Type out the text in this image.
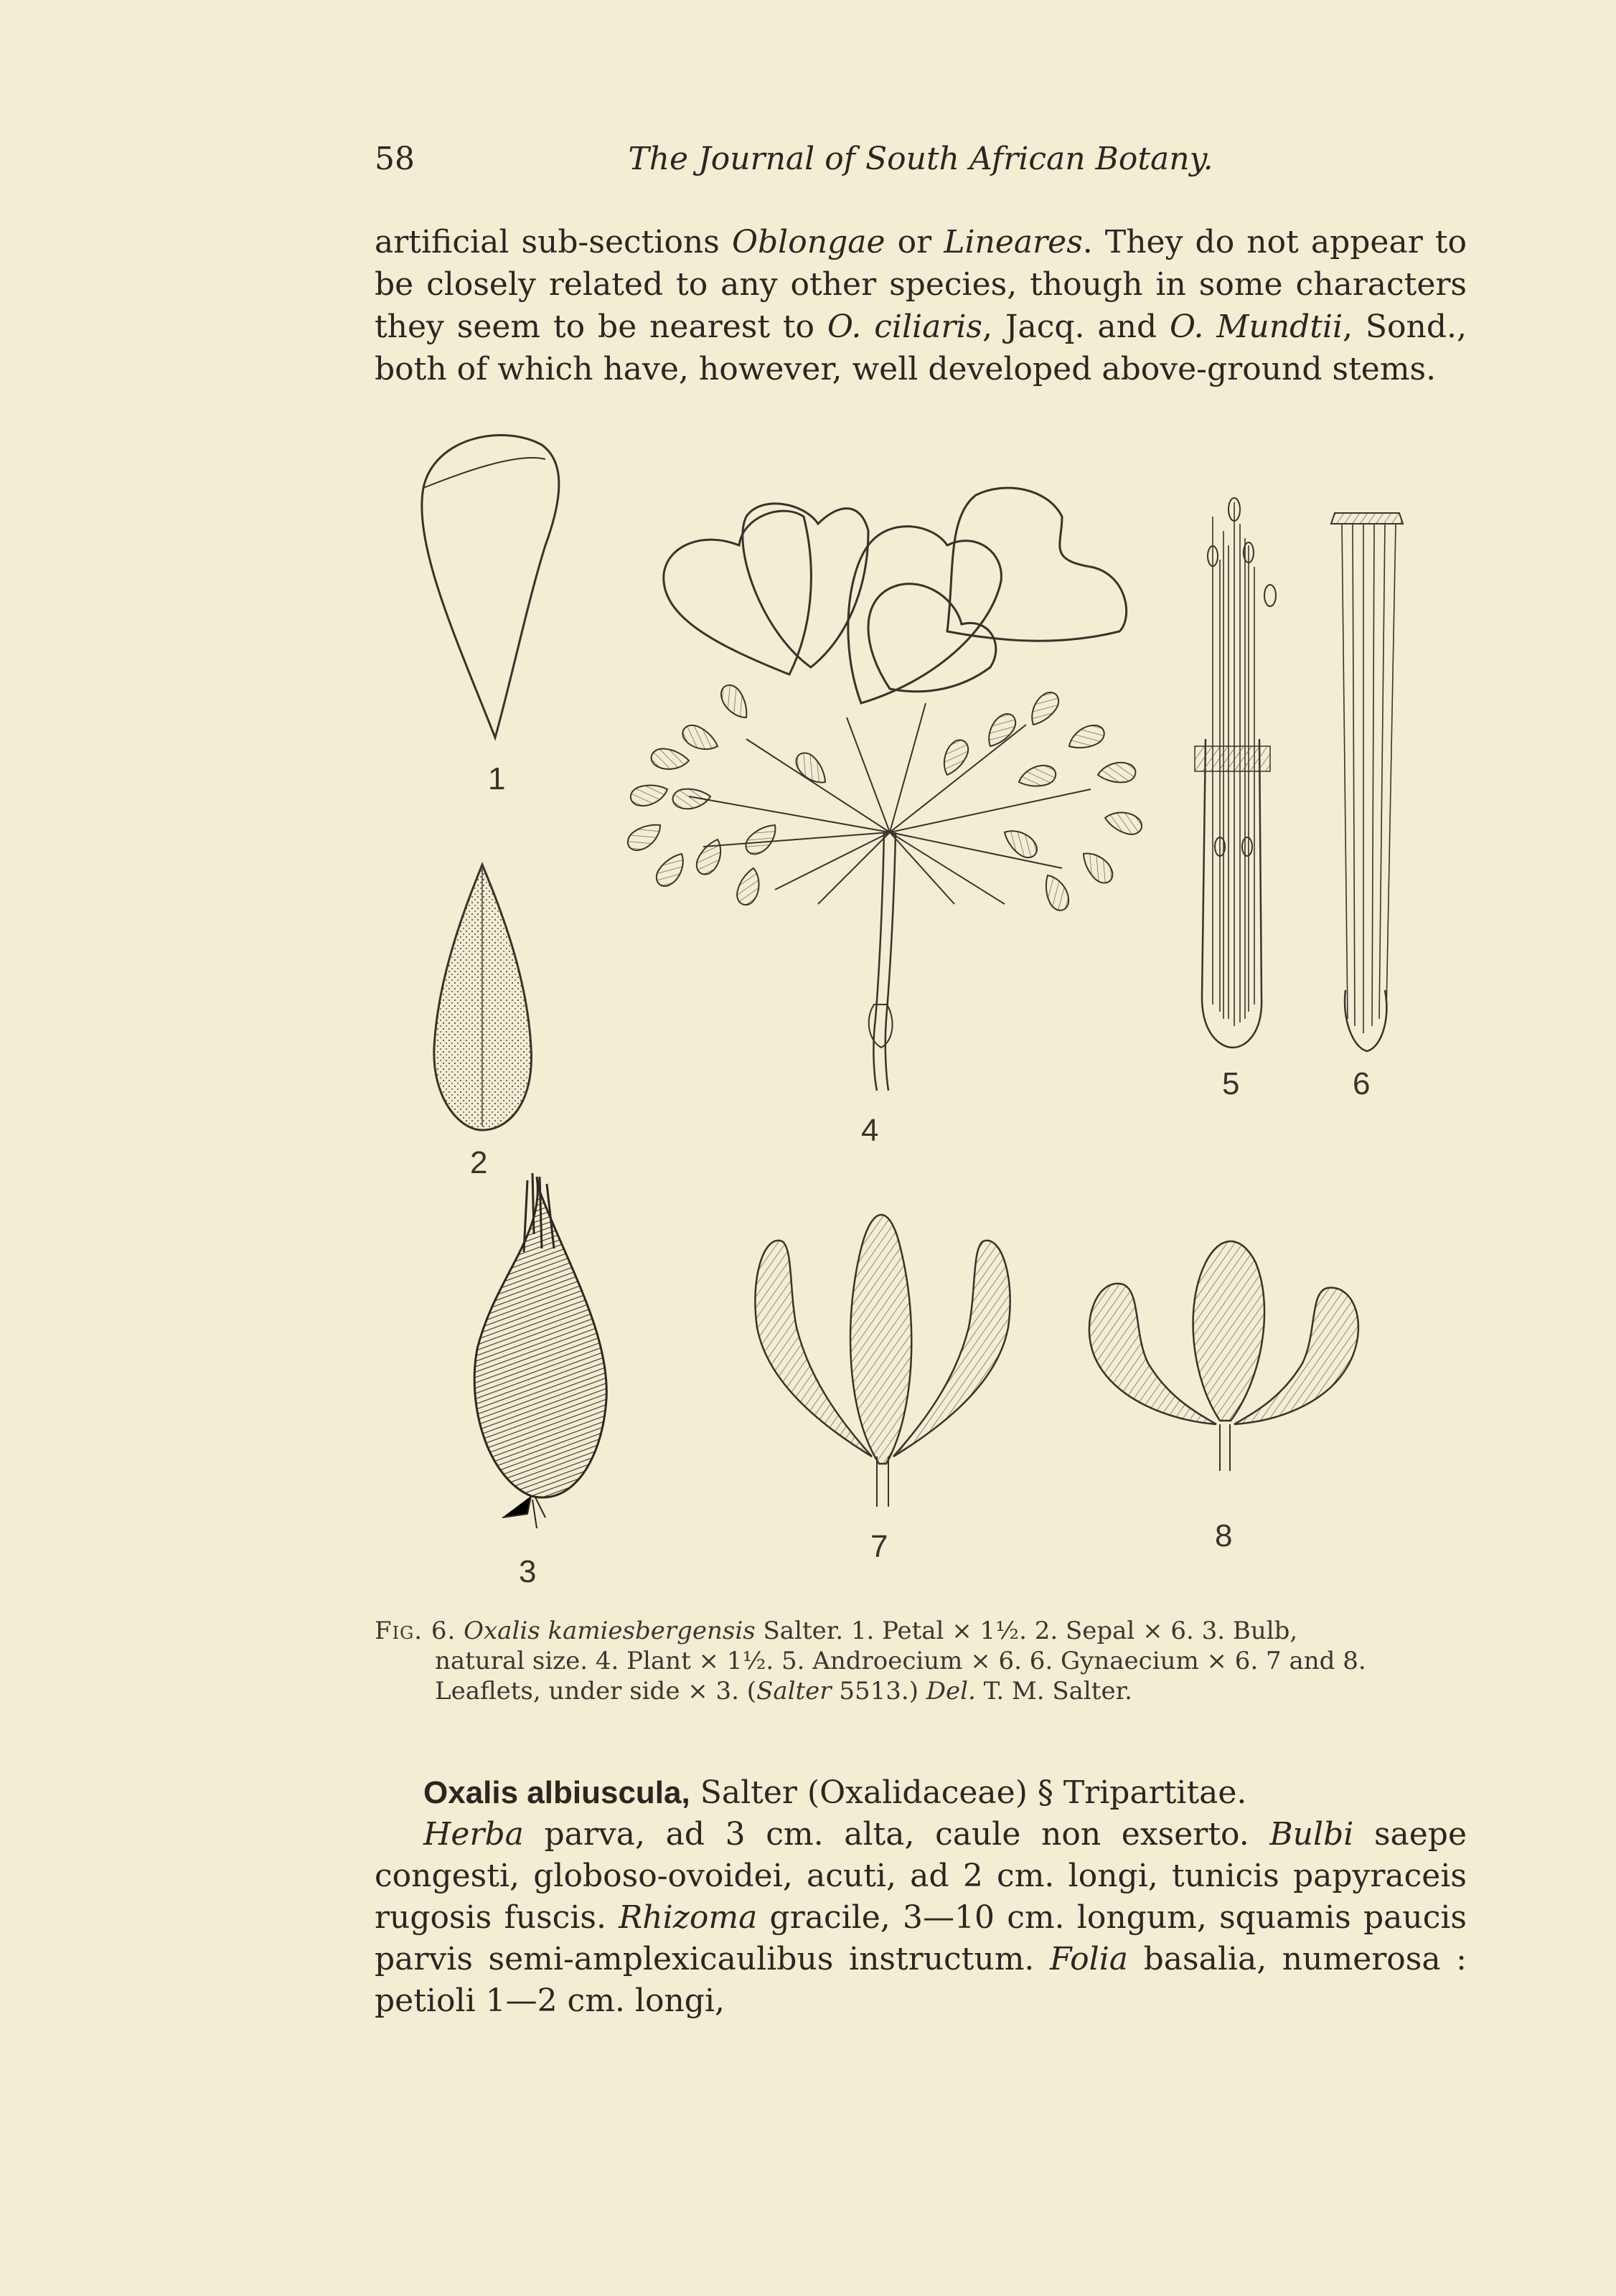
58	The Journal of South African Botany.

artificial sub-sections Oblongae or Lineares. They do not appear to be closely related to any other species, though in some characters they seem to be nearest to O. ciliaris, Jacq. and O. Mundtii, Sond., both of which have, however, well developed above-ground stems.

1
2
3
4
5	6
7	8
Fig. 6. Oxalis kamiesbergensis Salter. 1. Petal × 1½. 2. Sepal × 6. 3. Bulb,
natural size. 4. Plant × 1½. 5. Androecium × 6. 6. Gynaecium × 6. 7 and 8.
Leaflets, under side × 3. (Salter 5513.) Del. T. M. Salter.

Oxalis albiuscula, Salter (Oxalidaceae) § Tripartitae.

Herba parva, ad 3 cm. alta, caule non exserto. Bulbi saepe congesti, globoso-ovoidei, acuti, ad 2 cm. longi, tunicis papyraceis rugosis fuscis. Rhizoma gracile, 3—10 cm. longum, squamis paucis parvis semi-amplexicaulibus instructum. Folia basalia, numerosa : petioli 1—2 cm. longi,
